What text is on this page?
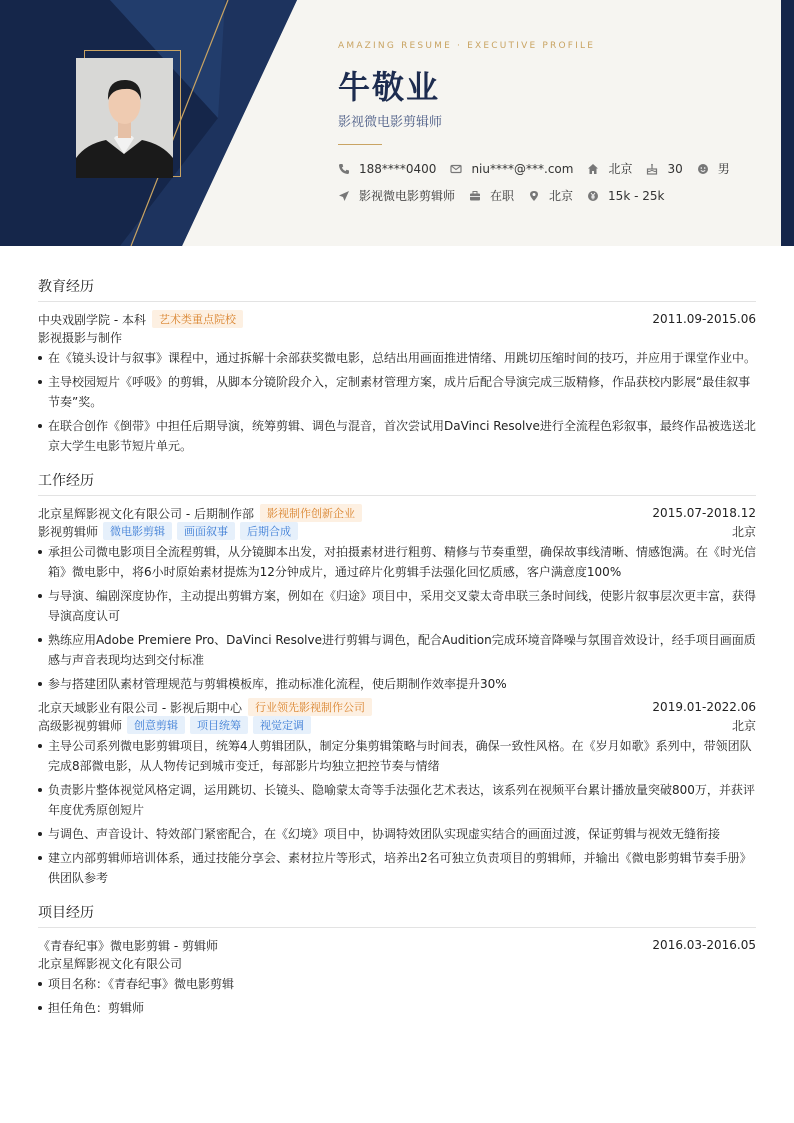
AMAZING RESUME · EXECUTIVE PROFILE
牛敬业
影视微电影剪辑师
188****0400	niu****@***.com	北京	30	男
影视微电影剪辑师	在职	北京	15k - 25k
教育经历
中央戏剧学院 - 本科	艺术类重点院校	2011.09-2015.06
影视摄影与制作
在《镜头设计与叙事》课程中，通过拆解十余部获奖微电影，总结出用画面推进情绪、用跳切压缩时间的技巧，并应用于课堂作业中。
主导校园短片《呼吸》的剪辑，从脚本分镜阶段介入，定制素材管理方案，成片后配合导演完成三版精修，作品获校内影展“最佳叙事节奏”奖。
在联合创作《倒带》中担任后期导演，统筹剪辑、调色与混音，首次尝试用DaVinci Resolve进行全流程色彩叙事，最终作品被选送北京大学生电影节短片单元。
工作经历
北京星辉影视文化有限公司 - 后期制作部	影视制作创新企业	2015.07-2018.12
影视剪辑师	微电影剪辑	画面叙事	后期合成	北京
承担公司微电影项目全流程剪辑，从分镜脚本出发，对拍摄素材进行粗剪、精修与节奏重塑，确保故事线清晰、情感饱满。在《时光信箱》微电影中，将6小时原始素材提炼为12分钟成片，通过碎片化剪辑手法强化回忆质感，客户满意度100%
与导演、编剧深度协作，主动提出剪辑方案，例如在《归途》项目中，采用交叉蒙太奇串联三条时间线，使影片叙事层次更丰富，获得导演高度认可
熟练应用Adobe Premiere Pro、DaVinci Resolve进行剪辑与调色，配合Audition完成环境音降噪与氛围音效设计，经手项目画面质感与声音表现均达到交付标准
参与搭建团队素材管理规范与剪辑模板库，推动标准化流程，使后期制作效率提升30%
北京天域影业有限公司 - 影视后期中心	行业领先影视制作公司	2019.01-2022.06
高级影视剪辑师	创意剪辑	项目统筹	视觉定调	北京
主导公司系列微电影剪辑项目，统筹4人剪辑团队，制定分集剪辑策略与时间表，确保一致性风格。在《岁月如歌》系列中，带领团队完成8部微电影，从人物传记到城市变迁，每部影片均独立把控节奏与情绪
负责影片整体视觉风格定调，运用跳切、长镜头、隐喻蒙太奇等手法强化艺术表达，该系列在视频平台累计播放量突破800万，并获评年度优秀原创短片
与调色、声音设计、特效部门紧密配合，在《幻境》项目中，协调特效团队实现虚实结合的画面过渡，保证剪辑与视效无缝衔接
建立内部剪辑师培训体系，通过技能分享会、素材拉片等形式，培养出2名可独立负责项目的剪辑师，并输出《微电影剪辑节奏手册》供团队参考
项目经历
《青春纪事》微电影剪辑 - 剪辑师	2016.03-2016.05
北京星辉影视文化有限公司
项目名称：《青春纪事》微电影剪辑
担任角色：剪辑师
